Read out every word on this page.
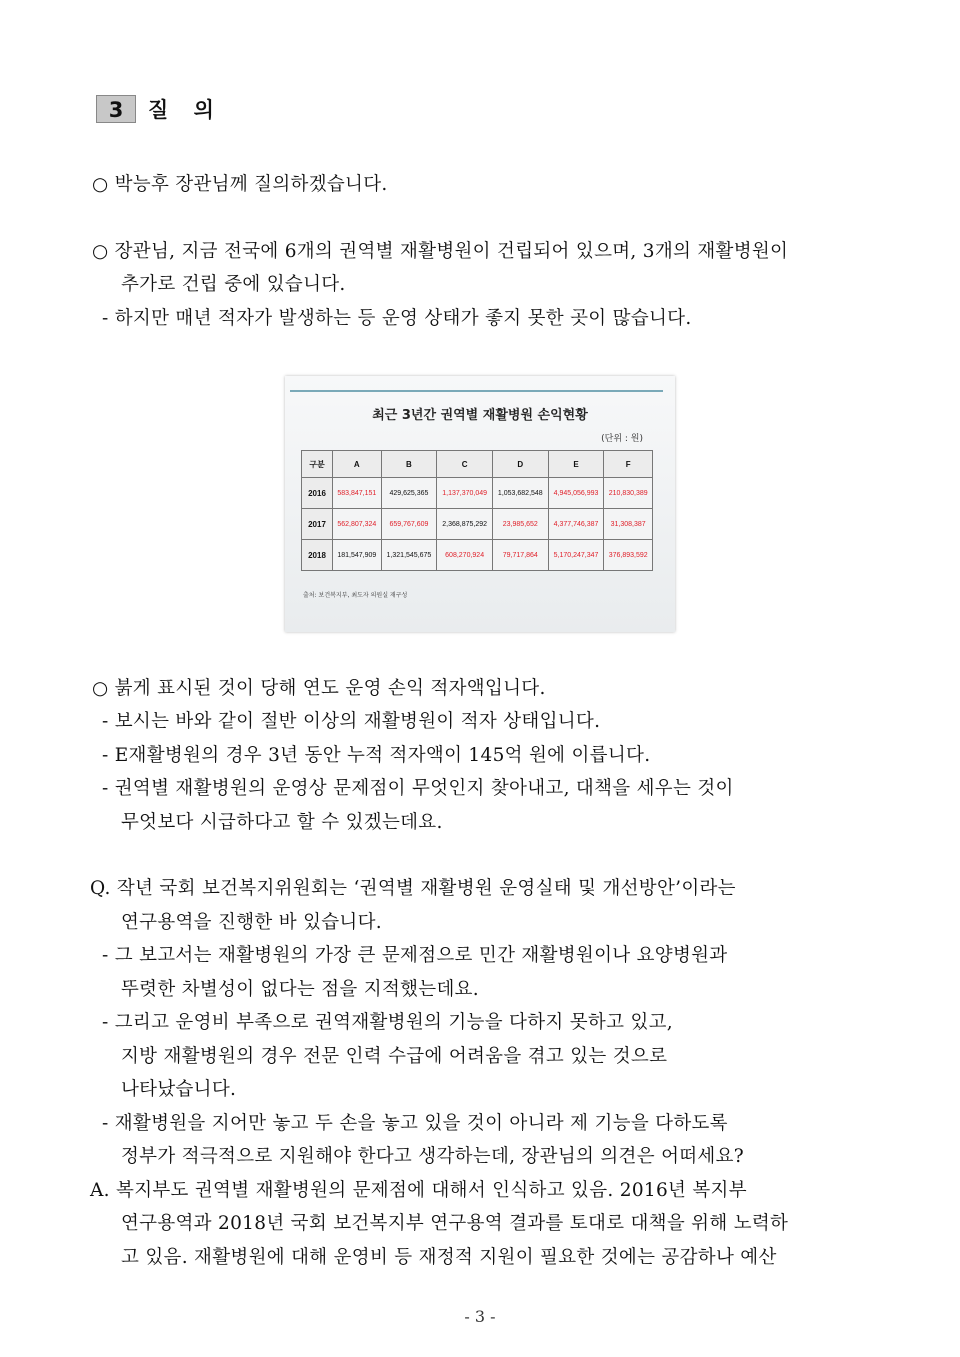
3	질 의
○ 박능후 장관님께 질의하겠습니다.
○ 장관님, 지금 전국에 6개의 권역별 재활병원이 건립되어 있으며, 3개의 재활병원이
추가로 건립 중에 있습니다.
- 하지만 매년 적자가 발생하는 등 운영 상태가 좋지 못한 곳이 많습니다.
○ 붉게 표시된 것이 당해 연도 운영 손익 적자액입니다.
- 보시는 바와 같이 절반 이상의 재활병원이 적자 상태입니다.
- E재활병원의 경우 3년 동안 누적 적자액이 145억 원에 이릅니다.
- 권역별 재활병원의 운영상 문제점이 무엇인지 찾아내고, 대책을 세우는 것이
무엇보다 시급하다고 할 수 있겠는데요.
Q. 작년 국회 보건복지위원회는 ‘권역별 재활병원 운영실태 및 개선방안’이라는
연구용역을 진행한 바 있습니다.
- 그 보고서는 재활병원의 가장 큰 문제점으로 민간 재활병원이나 요양병원과
뚜렷한 차별성이 없다는 점을 지적했는데요.
- 그리고 운영비 부족으로 권역재활병원의 기능을 다하지 못하고 있고,
지방 재활병원의 경우 전문 인력 수급에 어려움을 겪고 있는 것으로
나타났습니다.
- 재활병원을 지어만 놓고 두 손을 놓고 있을 것이 아니라 제 기능을 다하도록
정부가 적극적으로 지원해야 한다고 생각하는데, 장관님의 의견은 어떠세요?
A. 복지부도 권역별 재활병원의 문제점에 대해서 인식하고 있음. 2016년 복지부
연구용역과 2018년 국회 보건복지부 연구용역 결과를 토대로 대책을 위해 노력하
고 있음. 재활병원에 대해 운영비 등 재정적 지원이 필요한 것에는 공감하나 예산
최근 3년간 권역별 재활병원 손익현황
(단위 : 원)
구분	A	B	C	D	E	F
2016	583,847,151	429,625,365	1,137,370,049	1,053,682,548	4,945,056,993	210,830,389
2017	562,807,324	659,767,609	2,368,875,292	23,985,652	4,377,746,387	31,308,387
2018	181,547,909	1,321,545,675	608,270,924	79,717,864	5,170,247,347	376,893,592
출처: 보건복지부, 최도자 의원실 재구성
- 3 -
